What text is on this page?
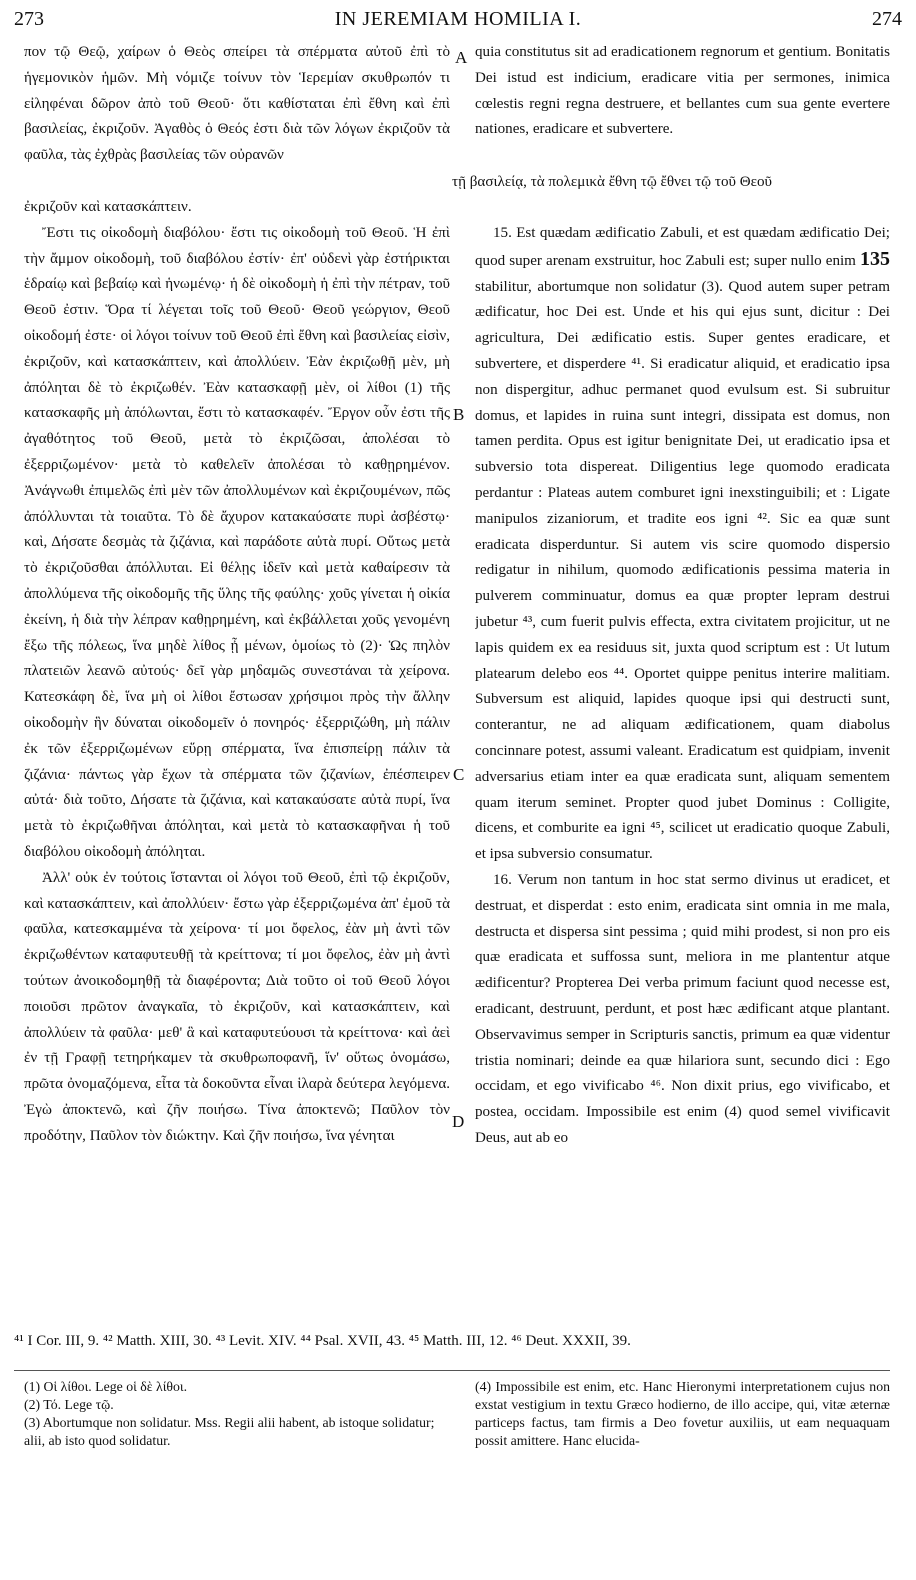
273	IN JEREMIAM HOMILIA I.	274

πον τῷ Θεῷ, χαίρων ὁ Θεὸς σπείρει τὰ σπέρματα αὐτοῦ ἐπὶ τὸ ἡγεμονικὸν ἡμῶν. Μὴ νόμιζε τοίνυν τὸν Ἱερεμίαν σκυθρωπόν τι εἰληφέναι δῶρον ἀπὸ τοῦ Θεοῦ· ὅτι καθίσταται ἐπὶ ἔθνη καὶ ἐπὶ βασιλείας, ἐκριζοῦν. Ἀγαθὸς ὁ Θεός ἐστι διὰ τῶν λόγων ἐκριζοῦν τὰ φαῦλα, τὰς ἐχθρὰς βασιλείας τῶν οὐρανῶν

ἐκριζοῦν καὶ κατασκάπτειν.

Ἔστι τις οἰκοδομὴ διαβόλου· ἔστι τις οἰκοδομὴ τοῦ Θεοῦ. Ἡ ἐπὶ τὴν ἄμμον οἰκοδομὴ, τοῦ διαβόλου ἐστίν· ἐπ' οὐδενὶ γὰρ ἐστήρικται ἑδραίῳ καὶ βεβαίῳ καὶ ἡνωμένῳ· ἡ δὲ οἰκοδομὴ ἡ ἐπὶ τὴν πέτραν, τοῦ Θεοῦ ἐστιν. Ὅρα τί λέγεται τοῖς τοῦ Θεοῦ· Θεοῦ γεώργιον, Θεοῦ οἰκοδομή ἐστε· οἱ λόγοι τοίνυν τοῦ Θεοῦ ἐπὶ ἔθνη καὶ βασιλείας εἰσὶν, ἐκριζοῦν, καὶ κατασκάπτειν, καὶ ἀπολλύειν. Ἐὰν ἐκριζωθῇ μὲν, μὴ ἀπόληται δὲ τὸ ἐκριζωθέν. Ἐὰν κατασκαφῇ μὲν, οἱ λίθοι (1) τῆς κατασκαφῆς μὴ ἀπόλωνται, ἔστι τὸ κατασκαφέν. Ἔργον οὖν ἐστι τῆς ἀγαθότητος τοῦ Θεοῦ, μετὰ τὸ ἐκριζῶσαι, ἀπολέσαι τὸ ἐξερριζωμένον· μετὰ τὸ καθελεῖν ἀπολέσαι τὸ καθῃρημένον. Ἀνάγνωθι ἐπιμελῶς ἐπὶ μὲν τῶν ἀπολλυμένων καὶ ἐκριζουμένων, πῶς ἀπόλλυνται τὰ τοιαῦτα. Τὸ δὲ ἄχυρον κατακαύσατε πυρὶ ἀσβέστῳ· καὶ, Δήσατε δεσμὰς τὰ ζιζάνια, καὶ παράδοτε αὐτὰ πυρί. Οὕτως μετὰ τὸ ἐκριζοῦσθαι ἀπόλλυται. Εἰ θέλῃς ἰδεῖν καὶ μετὰ καθαίρεσιν τὰ ἀπολλύμενα τῆς οἰκοδομῆς τῆς ὕλης τῆς φαύλης· χοῦς γίνεται ἡ οἰκία ἐκείνη, ἡ διὰ τὴν λέπραν καθῃρημένη, καὶ ἐκβάλλεται χοῦς γενομένη ἔξω τῆς πόλεως, ἵνα μηδὲ λίθος ᾖ μένων, ὁμοίως τὸ (2)· Ὡς πηλὸν πλατειῶν λεανῶ αὐτούς· δεῖ γὰρ μηδαμῶς συνεστάναι τὰ χείρονα. Κατεσκάφη δὲ, ἵνα μὴ οἱ λίθοι ἔστωσαν χρήσιμοι πρὸς τὴν ἄλλην οἰκοδομὴν ἣν δύναται οἰκοδομεῖν ὁ πονηρός· ἐξερριζώθη, μὴ πάλιν ἐκ τῶν ἐξερριζωμένων εὕρῃ σπέρματα, ἵνα ἐπισπείρῃ πάλιν τὰ ζιζάνια· πάντως γὰρ ἔχων τὰ σπέρματα τῶν ζιζανίων, ἐπέσπειρεν αὐτά· διὰ τοῦτο, Δήσατε τὰ ζιζάνια, καὶ κατακαύσατε αὐτὰ πυρί, ἵνα μετὰ τὸ ἐκριζωθῆναι ἀπόληται, καὶ μετὰ τὸ κατασκαφῆναι ἡ τοῦ διαβόλου οἰκοδομὴ ἀπόληται.

Ἀλλ' οὐκ ἐν τούτοις ἵστανται οἱ λόγοι τοῦ Θεοῦ, ἐπὶ τῷ ἐκριζοῦν, καὶ κατασκάπτειν, καὶ ἀπολλύειν· ἔστω γὰρ ἐξερριζωμένα ἀπ' ἐμοῦ τὰ φαῦλα, κατεσκαμμένα τὰ χείρονα· τί μοι ὄφελος, ἐὰν μὴ ἀντὶ τῶν ἐκριζωθέντων καταφυτευθῇ τὰ κρείττονα; τί μοι ὄφελος, ἐὰν μὴ ἀντὶ τούτων ἀνοικοδομηθῇ τὰ διαφέροντα; Διὰ τοῦτο οἱ τοῦ Θεοῦ λόγοι ποιοῦσι πρῶτον ἀναγκαῖα, τὸ ἐκριζοῦν, καὶ κατασκάπτειν, καὶ ἀπολλύειν τὰ φαῦλα· μεθ' ἃ καὶ καταφυτεύουσι τὰ κρείττονα· καὶ ἀεὶ ἐν τῇ Γραφῇ τετηρήκαμεν τὰ σκυθρωποφανῆ, ἵν' οὕτως ὀνομάσω, πρῶτα ὀνομαζόμενα, εἶτα τὰ δοκοῦντα εἶναι ἱλαρὰ δεύτερα λεγόμενα. Ἐγὼ ἀποκτενῶ, καὶ ζῆν ποιήσω. Τίνα ἀποκτενῶ; Παῦλον τὸν προδότην, Παῦλον τὸν διώκτην. Καὶ ζῆν ποιήσω, ἵνα γένηται

τῇ βασιλείᾳ, τὰ πολεμικὰ ἔθνη τῷ ἔθνει τῷ τοῦ Θεοῦ

quia constitutus sit ad eradicationem regnorum et gentium. Bonitatis Dei istud est indicium, eradicare vitia per sermones, inimica cœlestis regni regna destruere, et bellantes cum sua gente evertere nationes, eradicare et subvertere.

15. Est quædam ædificatio Zabuli, et est quædam ædificatio Dei; quod super arenam exstruitur, hoc Zabuli est; super nullo enim 135 stabilitur, abortumque non solidatur (3). Quod autem super petram ædificatur, hoc Dei est. Unde et his qui ejus sunt, dicitur : Dei agricultura, Dei ædificatio estis. Super gentes eradicare, et subvertere, et disperdere ⁴¹. Si eradicatur aliquid, et eradicatio ipsa non dispergitur, adhuc permanet quod evulsum est. Si subruitur domus, et lapides in ruina sunt integri, dissipata est domus, non tamen perdita. Opus est igitur benignitate Dei, ut eradicatio ipsa et subversio tota dispereat. Diligentius lege quomodo eradicata perdantur : Plateas autem comburet igni inexstinguibili; et : Ligate manipulos zizaniorum, et tradite eos igni ⁴². Sic ea quæ sunt eradicata disperduntur. Si autem vis scire quomodo dispersio redigatur in nihilum, quomodo ædificationis pessima materia in pulverem comminuatur, domus ea quæ propter lepram destrui jubetur ⁴³, cum fuerit pulvis effecta, extra civitatem projicitur, ut ne lapis quidem ex ea residuus sit, juxta quod scriptum est : Ut lutum platearum delebo eos ⁴⁴. Oportet quippe penitus interire malitiam. Subversum est aliquid, lapides quoque ipsi qui destructi sunt, conterantur, ne ad aliquam ædificationem, quam diabolus concinnare potest, assumi valeant. Eradicatum est quidpiam, invenit adversarius etiam inter ea quæ eradicata sunt, aliquam sementem quam iterum seminet. Propter quod jubet Dominus : Colligite, dicens, et comburite ea igni ⁴⁵, scilicet ut eradicatio quoque Zabuli, et ipsa subversio consumatur.

16. Verum non tantum in hoc stat sermo divinus ut eradicet, et destruat, et disperdat : esto enim, eradicata sint omnia in me mala, destructa et dispersa sint pessima ; quid mihi prodest, si non pro eis quæ eradicata et suffossa sunt, meliora in me plantentur atque ædificentur? Propterea Dei verba primum faciunt quod necesse est, eradicant, destruunt, perdunt, et post hæc ædificant atque plantant. Observavimus semper in Scripturis sanctis, primum ea quæ videntur tristia nominari; deinde ea quæ hilariora sunt, secundo dici : Ego occidam, et ego vivificabo ⁴⁶. Non dixit prius, ego vivificabo, et postea, occidam. Impossibile est enim (4) quod semel vivificavit Deus, aut ab eo

A
B
C
D
⁴¹ I Cor. III, 9. ⁴² Matth. XIII, 30. ⁴³ Levit. XIV. ⁴⁴ Psal. XVII, 43. ⁴⁵ Matth. III, 12. ⁴⁶ Deut. XXXII, 39.

(1) Οἱ λίθοι. Lege οἱ δὲ λίθοι.

(2) Τό. Lege τῷ.

(3) Abortumque non solidatur. Mss. Regii alii habent, ab istoque solidatur; alii, ab isto quod solidatur.

(4) Impossibile est enim, etc. Hanc Hieronymi interpretationem cujus non exstat vestigium in textu Græco hodierno, de illo accipe, qui, vitæ æternæ particeps factus, tam firmis a Deo fovetur auxiliis, ut eam nequaquam possit amittere. Hanc elucida-
